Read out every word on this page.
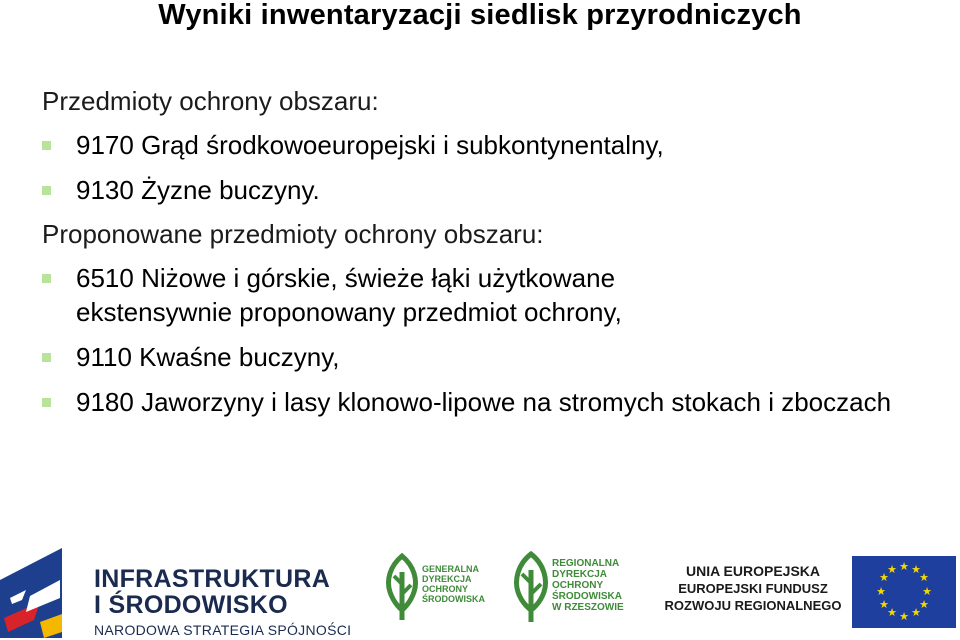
Wyniki inwentaryzacji siedlisk przyrodniczych

Przedmioty ochrony obszaru:

9170 Grąd środkowoeuropejski i subkontynentalny,
9130 Żyzne buczyny.

Proponowane przedmioty ochrony obszaru:

6510 Niżowe i górskie, świeże łąki użytkowane ekstensywnie proponowany przedmiot ochrony,
9110 Kwaśne buczyny,
9180 Jaworzyny i lasy klonowo-lipowe na stromych stokach i zboczach
INFRASTRUKTURA
I ŚRODOWISKO
NARODOWA STRATEGIA SPÓJNOŚCI
GENERALNA
DYREKCJA
OCHRONY
ŚRODOWISKA
REGIONALNA
DYREKCJA
OCHRONY
ŚRODOWISKA
W RZESZOWIE
UNIA EUROPEJSKA
EUROPEJSKI FUNDUSZ
ROZWOJU REGIONALNEGO
★ ★
★
★
★
★
★
★
★
★
★
★
